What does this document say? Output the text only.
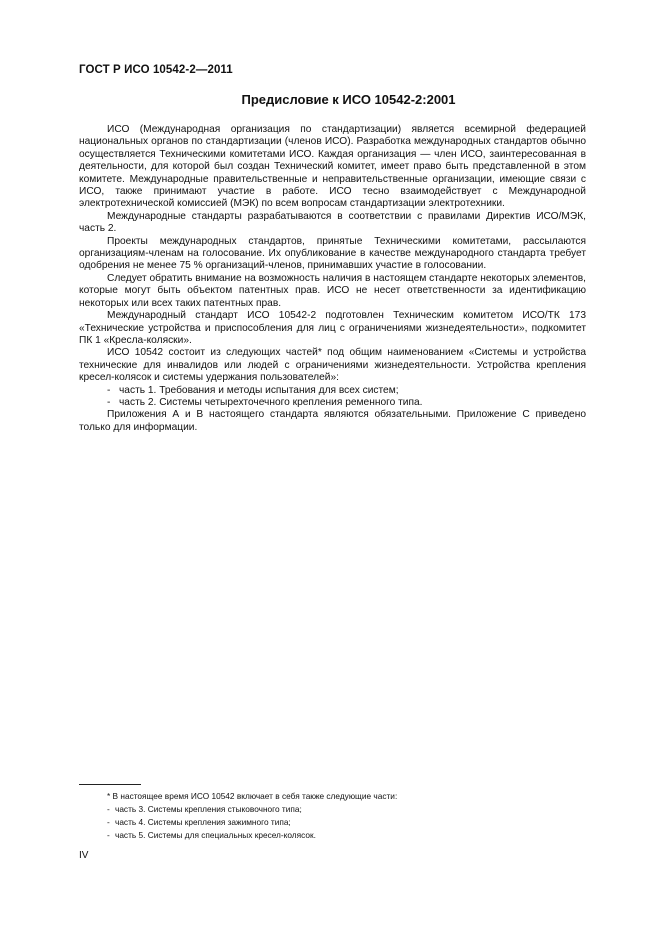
ГОСТ Р ИСО 10542-2—2011
Предисловие к ИСО 10542-2:2001

ИСО (Международная организация по стандартизации) является всемирной федерацией национальных органов по стандартизации (членов ИСО). Разработка международных стандартов обычно осуществляется Техническими комитетами ИСО. Каждая организация — член ИСО, заинтересованная в деятельности, для которой был создан Технический комитет, имеет право быть представленной в этом комитете. Международные правительственные и неправительственные организации, имеющие связи с ИСО, также принимают участие в работе. ИСО тесно взаимодействует с Международной электротехнической комиссией (МЭК) по всем вопросам стандартизации электротехники.

Международные стандарты разрабатываются в соответствии с правилами Директив ИСО/МЭК, часть 2.

Проекты международных стандартов, принятые Техническими комитетами, рассылаются организациям-членам на голосование. Их опубликование в качестве международного стандарта требует одобрения не менее 75 % организаций-членов, принимавших участие в голосовании.

Следует обратить внимание на возможность наличия в настоящем стандарте некоторых элементов, которые могут быть объектом патентных прав. ИСО не несет ответственности за идентификацию некоторых или всех таких патентных прав.

Международный стандарт ИСО 10542-2 подготовлен Техническим комитетом ИСО/ТК 173 «Технические устройства и приспособления для лиц с ограничениями жизнедеятельности», подкомитет ПК 1 «Кресла-коляски».

ИСО 10542 состоит из следующих частей* под общим наименованием «Системы и устройства технические для инвалидов или людей с ограничениями жизнедеятельности. Устройства крепления кресел-колясок и системы удержания пользователей»:

- часть 1. Требования и методы испытания для всех систем;

- часть 2. Системы четырехточечного крепления ременного типа.

Приложения А и В настоящего стандарта являются обязательными. Приложение С приведено только для информации.

* В настоящее время ИСО 10542 включает в себя также следующие части:

- часть 3. Системы крепления стыковочного типа;

- часть 4. Системы крепления зажимного типа;

- часть 5. Системы для специальных кресел-колясок.

IV
